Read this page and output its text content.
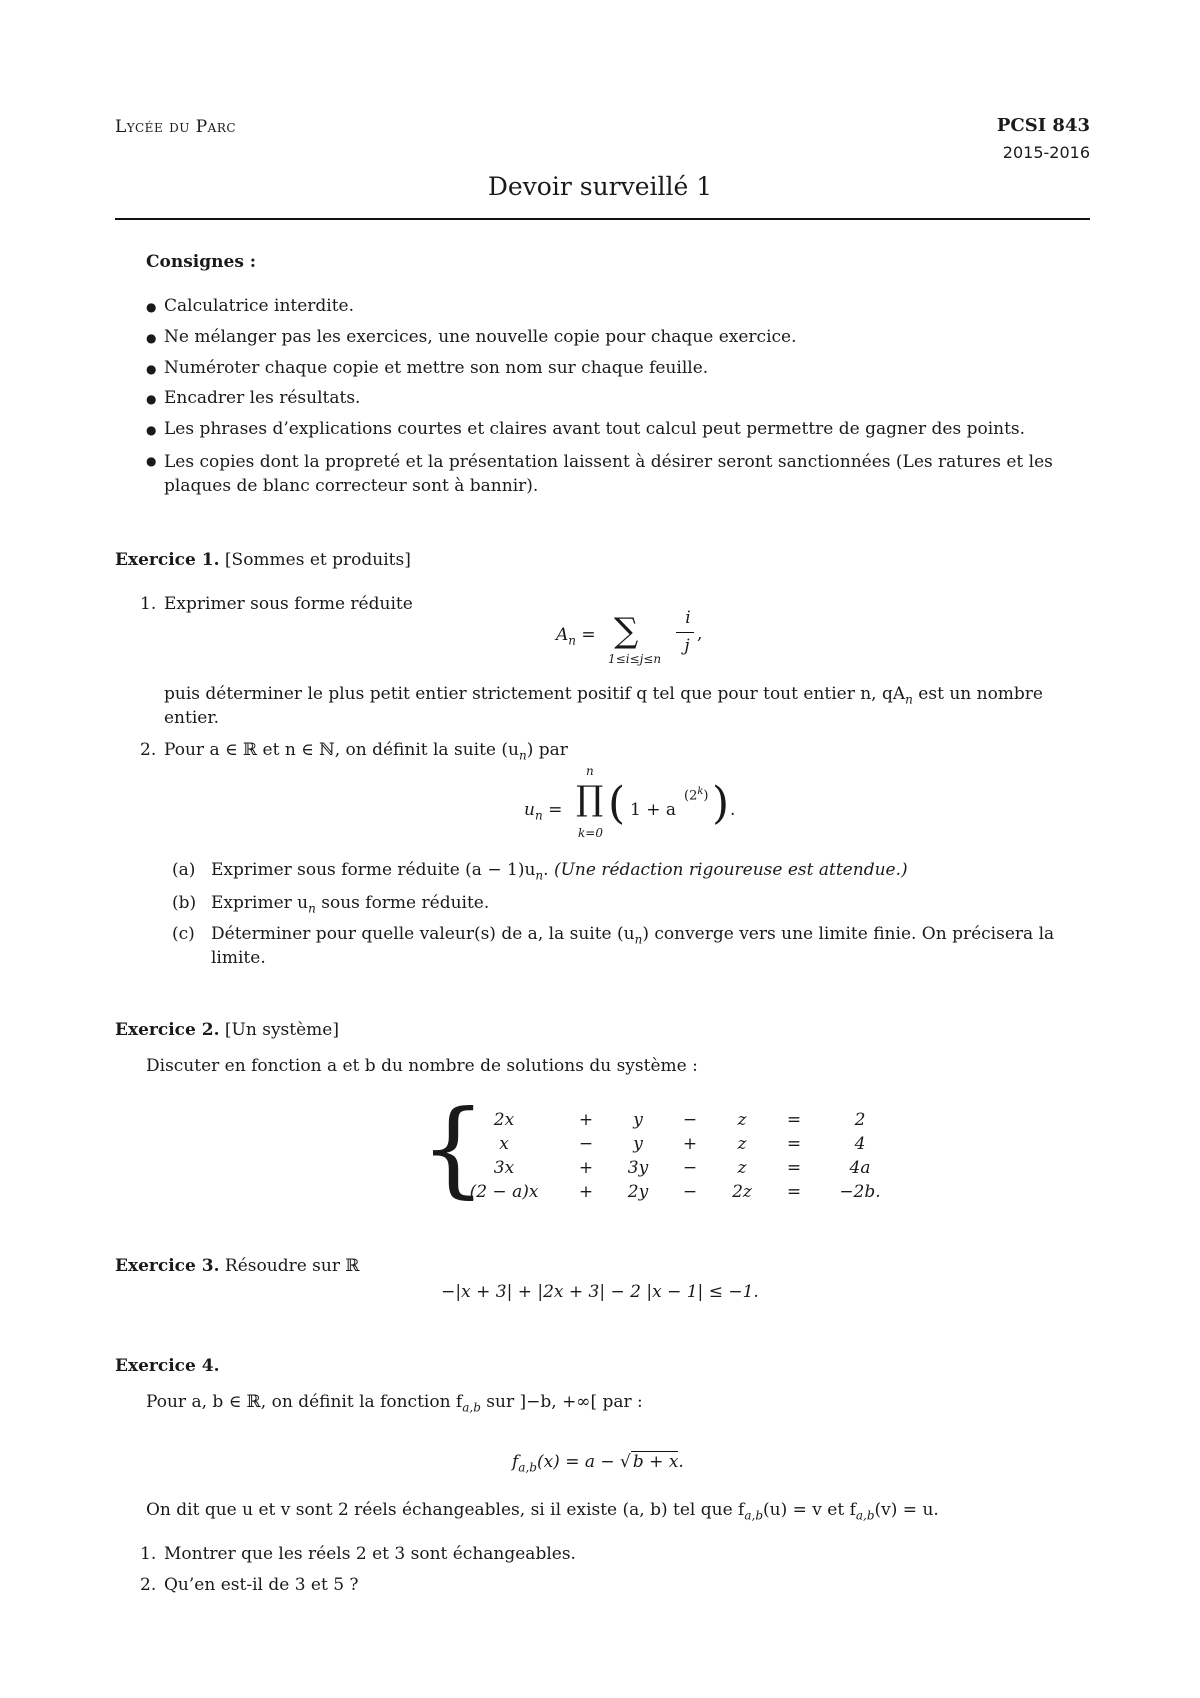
Lycée du Parc	PCSI 843
2015-2016
Devoir surveillé 1
Consignes :
● Calculatrice interdite.
● Ne mélanger pas les exercices, une nouvelle copie pour chaque exercice.
● Numéroter chaque copie et mettre son nom sur chaque feuille.
● Encadrer les résultats.
● Les phrases d’explications courtes et claires avant tout calcul peut permettre de gagner des points.
● Les copies dont la propreté et la présentation laissent à désirer seront sanctionnées (Les ratures et les plaques de blanc correcteur sont à bannir).
Exercice 1. [Sommes et produits]
1. Exprimer sous forme réduite
$A_n$ = ∑
1≤i≤j≤n
i
j
,
puis déterminer le plus petit entier strictement positif q tel que pour tout entier n, $qA_n$ est un nombre
entier.
2. Pour a ∈ ℝ et n ∈ ℕ, on définit la suite $(u_n)$ par
$u_n$ =
n
∏
k=0
( 1 + a
(2$^k$) ) .
(a) Exprimer sous forme réduite $(a - 1)u_n$. (Une rédaction rigoureuse est attendue.)
(b) Exprimer $u_n$ sous forme réduite.
(c) Déterminer pour quelle valeur(s) de a, la suite $(u_n)$ converge vers une limite finie. On précisera la
limite.
Exercice 2. [Un système]
Discuter en fonction a et b du nombre de solutions du système :
{ 2x	+	y	−	z	=	2
x	−	y	+	z	=	4
3x	+	3y	−	z	=	4a
(2 − a)x	+	2y	−	2z	=	−2b.
Exercice 3. Résoudre sur ℝ
−|x + 3| + |2x + 3| − 2 |x − 1| ≤ −1.
Exercice 4.
Pour a, b ∈ ℝ, on définit la fonction $f_{a,b}$ sur ]−b, +∞[ par :
$f_{a,b}(x) = a$ − √ b + x.
On dit que u et v sont 2 réels échangeables, si il existe (a, b) tel que $f_{a,b}(u) = v$ et $f_{a,b}(v) = u$.
1. Montrer que les réels 2 et 3 sont échangeables.
2. Qu’en est-il de 3 et 5 ?
